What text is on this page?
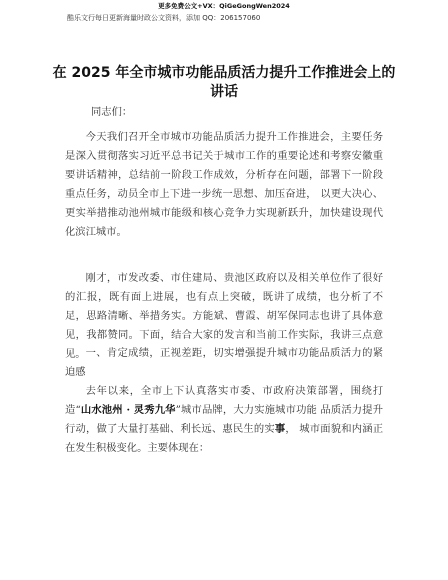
更多免费公文+VX：QiGeGongWen2024
酷乐文行每日更新海量时政公文资料，添加 QQ：206157060
在 2025 年全市城市功能品质活力提升工作推进会上的讲话

同志们：

今天我们召开全市城市功能品质活力提升工作推进会，主要任务是深入贯彻落实习近平总书记关于城市工作的重要论述和考察安徽重要讲话精神，总结前一阶段工作成效，分析存在问题，部署下一阶段重点任务，动员全市上下进一步统一思想、加压奋进， 以更大决心、更实举措推动池州城市能级和核心竞争力实现新跃升，加快建设现代化滨江城市。

刚才，市发改委、市住建局、贵池区政府以及相关单位作了很好的汇报，既有面上进展，也有点上突破，既讲了成绩，也分析了不足，思路清晰、举措务实。方能斌、曹霞、胡军保同志也讲了具体意见，我都赞同。下面，结合大家的发言和当前工作实际，我讲三点意见。 一、肯定成绩，正视差距，切实增强提升城市功能品质活力的紧迫感

去年以来，全市上下认真落实市委、市政府决策部署，围绕打造“山水池州 · 灵秀九华”城市品牌，大力实施城市功能 品质活力提升行动，做了大量打基础、利长远、惠民生的实事， 城市面貌和内涵正在发生积极变化。主要体现在：
